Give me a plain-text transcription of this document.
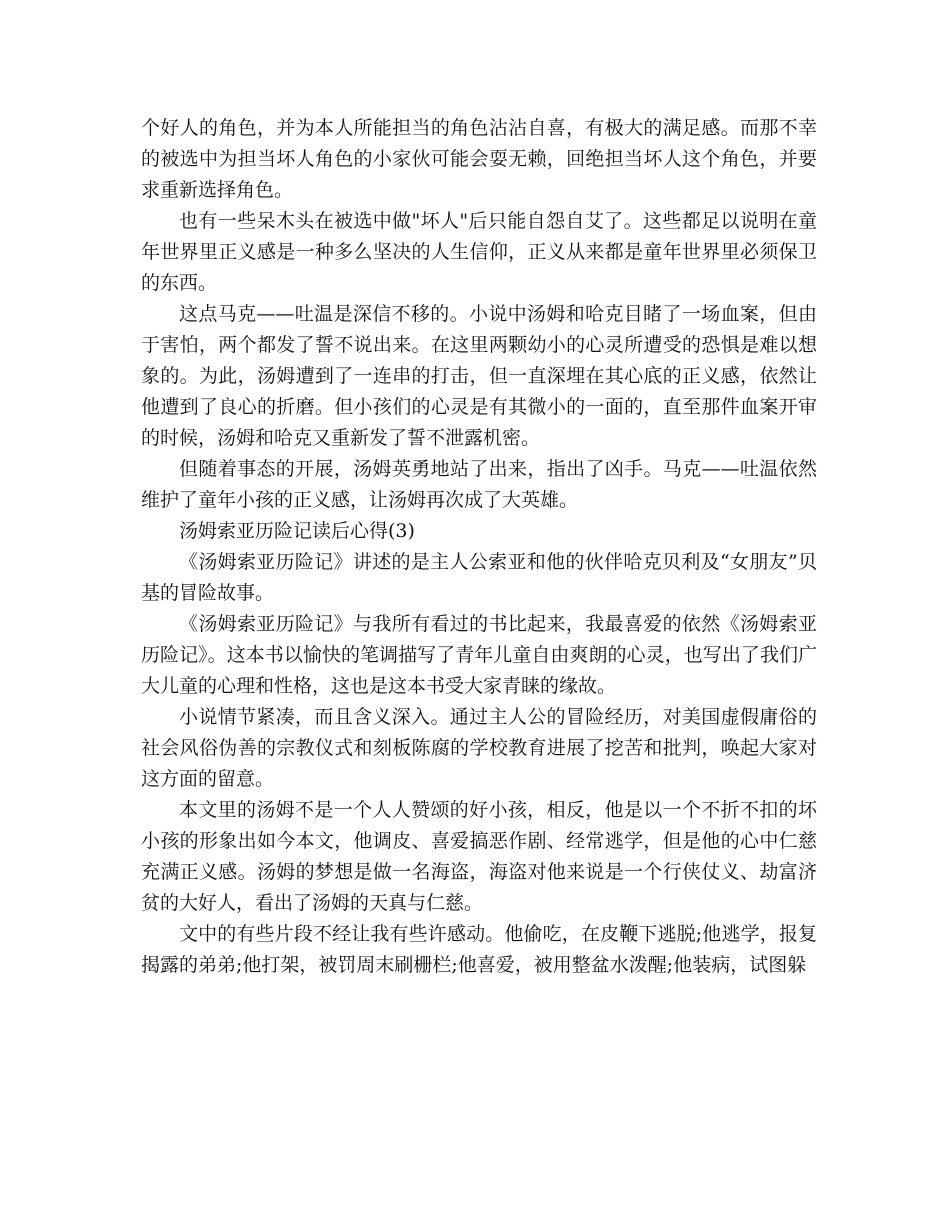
个好人的角色，并为本人所能担当的角色沾沾自喜，有极大的满足感。而那不幸的被选中为担当坏人角色的小家伙可能会耍无赖，回绝担当坏人这个角色，并要求重新选择角色。

也有一些呆木头在被选中做"坏人"后只能自怨自艾了。这些都足以说明在童年世界里正义感是一种多么坚决的人生信仰，正义从来都是童年世界里必须保卫的东西。

这点马克——吐温是深信不移的。小说中汤姆和哈克目睹了一场血案，但由于害怕，两个都发了誓不说出来。在这里两颗幼小的心灵所遭受的恐惧是难以想象的。为此，汤姆遭到了一连串的打击，但一直深埋在其心底的正义感，依然让他遭到了良心的折磨。但小孩们的心灵是有其微小的一面的，直至那件血案开审的时候，汤姆和哈克又重新发了誓不泄露机密。

但随着事态的开展，汤姆英勇地站了出来，指出了凶手。马克——吐温依然维护了童年小孩的正义感，让汤姆再次成了大英雄。

汤姆索亚历险记读后心得(3)

《汤姆索亚历险记》讲述的是主人公索亚和他的伙伴哈克贝利及“女朋友”贝基的冒险故事。

《汤姆索亚历险记》与我所有看过的书比起来，我最喜爱的依然《汤姆索亚历险记》。这本书以愉快的笔调描写了青年儿童自由爽朗的心灵，也写出了我们广大儿童的心理和性格，这也是这本书受大家青睐的缘故。

小说情节紧凑，而且含义深入。通过主人公的冒险经历，对美国虚假庸俗的社会风俗伪善的宗教仪式和刻板陈腐的学校教育进展了挖苦和批判，唤起大家对这方面的留意。

本文里的汤姆不是一个人人赞颂的好小孩，相反，他是以一个不折不扣的坏小孩的形象出如今本文，他调皮、喜爱搞恶作剧、经常逃学，但是他的心中仁慈充满正义感。汤姆的梦想是做一名海盗，海盗对他来说是一个行侠仗义、劫富济贫的大好人，看出了汤姆的天真与仁慈。

文中的有些片段不经让我有些许感动。他偷吃，在皮鞭下逃脱;他逃学，报复揭露的弟弟;他打架，被罚周末刷栅栏;他喜爱，被用整盆水泼醒;他装病，试图躲
